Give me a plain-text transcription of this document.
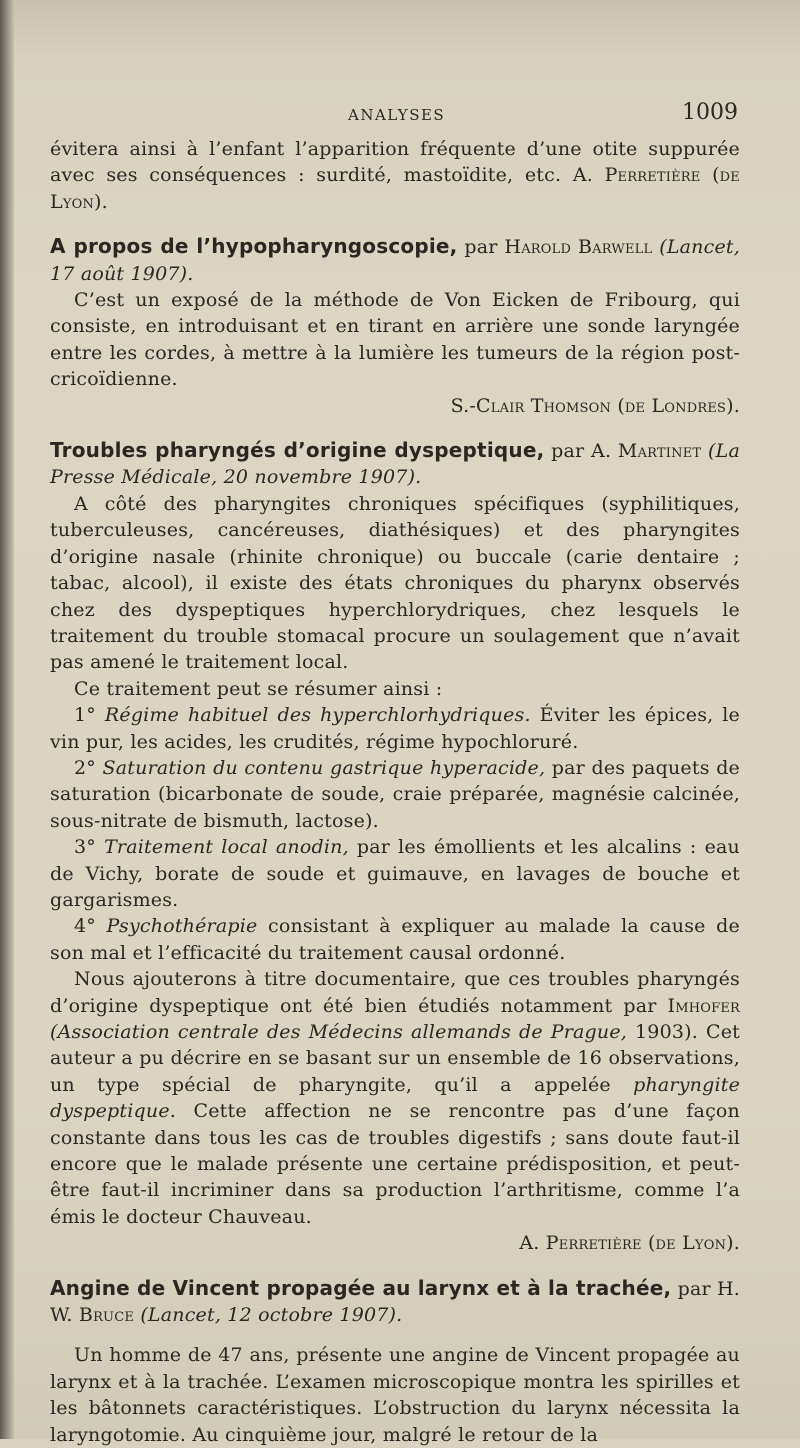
ANALYSES	1009

évitera ainsi à l’enfant l’apparition fréquente d’une otite suppurée avec ses conséquences : surdité, mastoïdite, etc. A. Perretière (de Lyon).

A propos de l’hypopharyngoscopie, par Harold Barwell (Lancet, 17 août 1907).

C’est un exposé de la méthode de Von Eicken de Fribourg, qui consiste, en introduisant et en tirant en arrière une sonde laryngée entre les cordes, à mettre à la lumière les tumeurs de la région post-cricoïdienne.

S.-Clair Thomson (de Londres).

Troubles pharyngés d’origine dyspeptique, par A. Martinet (La Presse Médicale, 20 novembre 1907).

A côté des pharyngites chroniques spécifiques (syphilitiques, tuberculeuses, cancéreuses, diathésiques) et des pharyngites d’origine nasale (rhinite chronique) ou buccale (carie dentaire ; tabac, alcool), il existe des états chroniques du pharynx observés chez des dyspeptiques hyperchlorydriques, chez lesquels le traitement du trouble stomacal procure un soulagement que n’avait pas amené le traitement local.

Ce traitement peut se résumer ainsi :

1° Régime habituel des hyperchlorhydriques. Éviter les épices, le vin pur, les acides, les crudités, régime hypochloruré.

2° Saturation du contenu gastrique hyperacide, par des paquets de saturation (bicarbonate de soude, craie préparée, magnésie calcinée, sous-nitrate de bismuth, lactose).

3° Traitement local anodin, par les émollients et les alcalins : eau de Vichy, borate de soude et guimauve, en lavages de bouche et gargarismes.

4° Psychothérapie consistant à expliquer au malade la cause de son mal et l’efficacité du traitement causal ordonné.

Nous ajouterons à titre documentaire, que ces troubles pharyngés d’origine dyspeptique ont été bien étudiés notamment par Imhofer (Association centrale des Médecins allemands de Prague, 1903). Cet auteur a pu décrire en se basant sur un ensemble de 16 observations, un type spécial de pharyngite, qu’il a appelée pharyngite dyspeptique. Cette affection ne se rencontre pas d’une façon constante dans tous les cas de troubles digestifs ; sans doute faut-il encore que le malade présente une certaine prédisposition, et peut-être faut-il incriminer dans sa production l’arthritisme, comme l’a émis le docteur Chauveau.

A. Perretière (de Lyon).

Angine de Vincent propagée au larynx et à la trachée, par H. W. Bruce (Lancet, 12 octobre 1907).

Un homme de 47 ans, présente une angine de Vincent propagée au larynx et à la trachée. L’examen microscopique montra les spirilles et les bâtonnets caractéristiques. L’obstruction du larynx nécessita la laryngotomie. Au cinquième jour, malgré le retour de la
